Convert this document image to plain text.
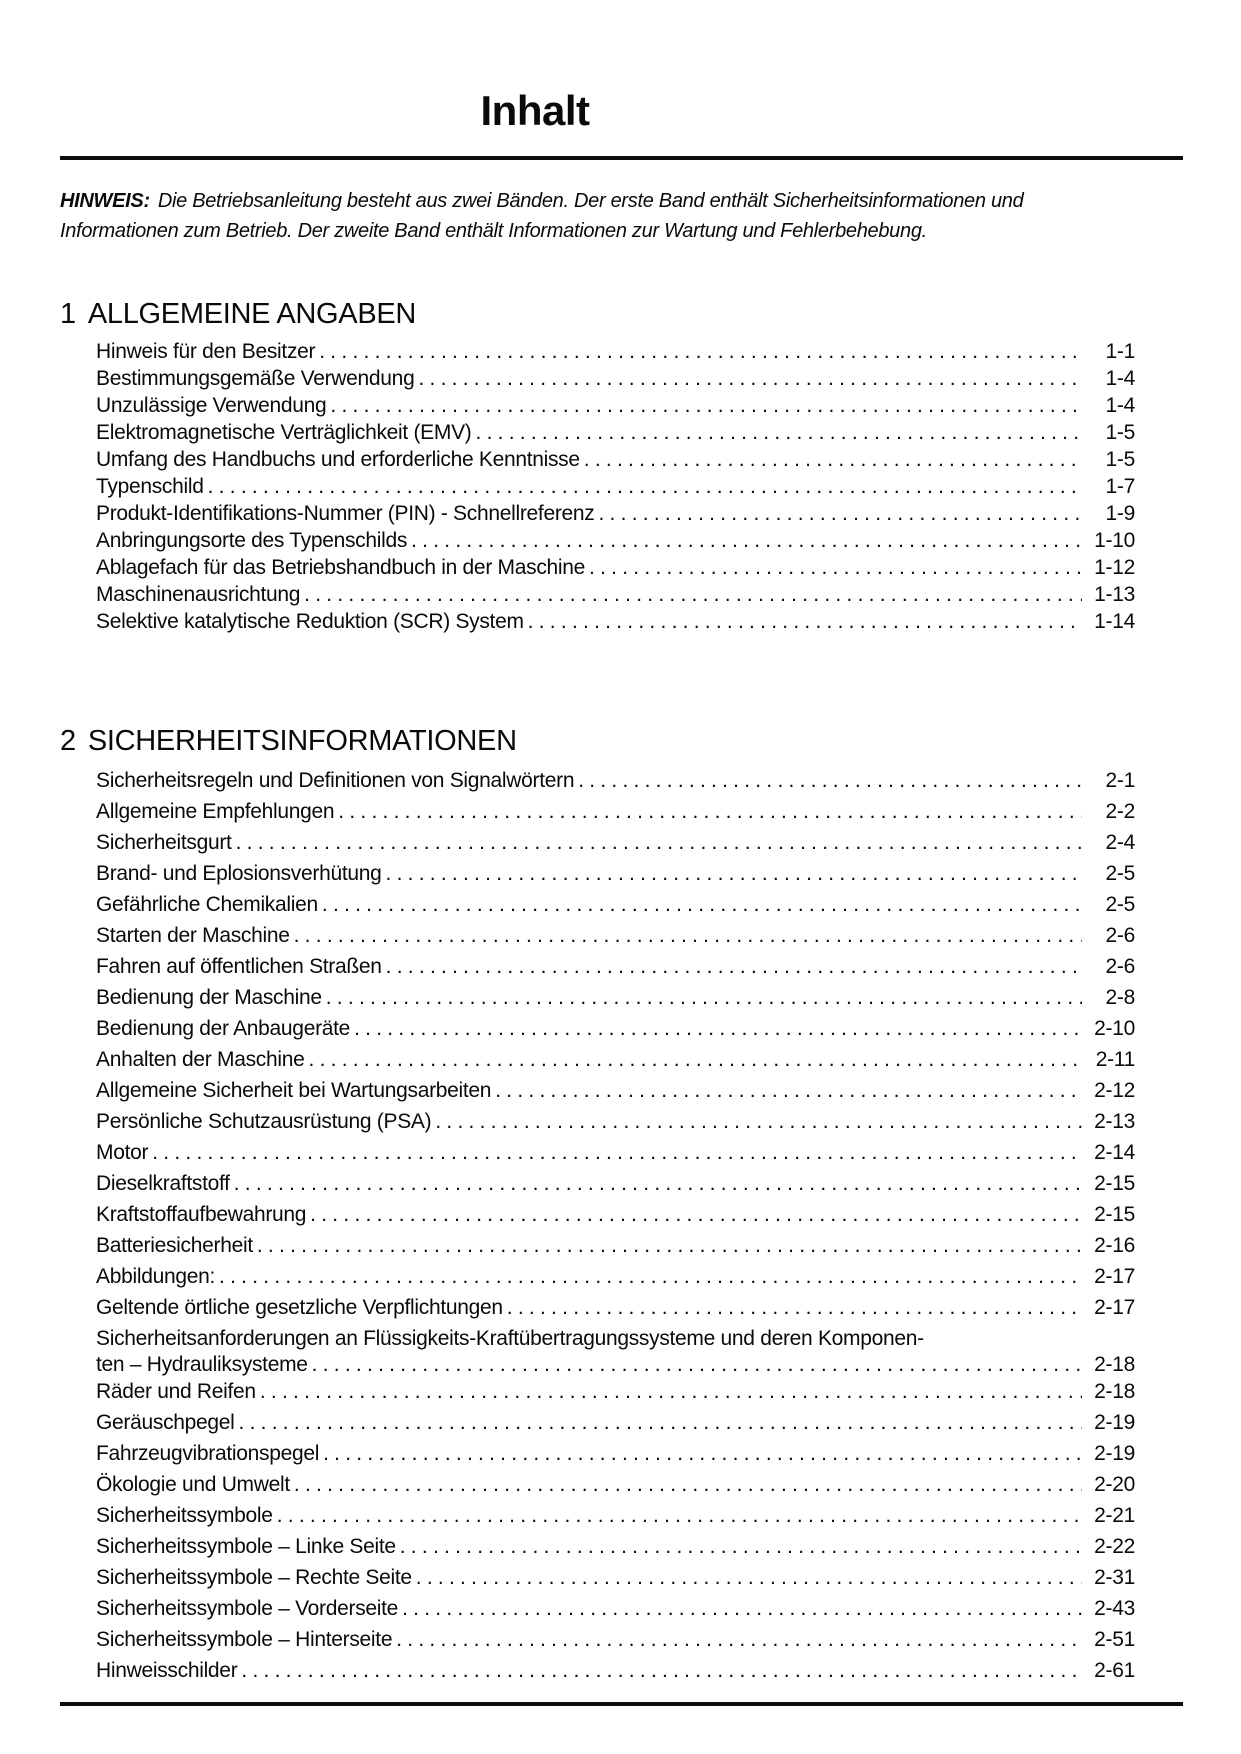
Inhalt

HINWEIS: Die Betriebsanleitung besteht aus zwei Bänden. Der erste Band enthält Sicherheitsinformationen und Informationen zum Betrieb. Der zweite Band enthält Informationen zur Wartung und Fehlerbehebung.

1 ALLGEMEINE ANGABEN
Hinweis für den Besitzer . . .	1-1
Bestimmungsgemäße Verwendung . . .	1-4
Unzulässige Verwendung . . .	1-4
Elektromagnetische Verträglichkeit (EMV) . . .	1-5
Umfang des Handbuchs und erforderliche Kenntnisse . . .	1-5
Typenschild . . .	1-7
Produkt-Identifikations-Nummer (PIN) - Schnellreferenz . . .	1-9
Anbringungsorte des Typenschilds . . .	1-10
Ablagefach für das Betriebshandbuch in der Maschine . . .	1-12
Maschinenausrichtung . . .	1-13
Selektive katalytische Reduktion (SCR) System . . .	1-14
2 SICHERHEITSINFORMATIONEN
Sicherheitsregeln und Definitionen von Signalwörtern . . .	2-1
Allgemeine Empfehlungen . . .	2-2
Sicherheitsgurt . . .	2-4
Brand- und Eplosionsverhütung . . .	2-5
Gefährliche Chemikalien . . .	2-5
Starten der Maschine . . .	2-6
Fahren auf öffentlichen Straßen . . .	2-6
Bedienung der Maschine . . .	2-8
Bedienung der Anbaugeräte . . .	2-10
Anhalten der Maschine . . .	2-11
Allgemeine Sicherheit bei Wartungsarbeiten . . .	2-12
Persönliche Schutzausrüstung (PSA) . . .	2-13
Motor . . .	2-14
Dieselkraftstoff . . .	2-15
Kraftstoffaufbewahrung . . .	2-15
Batteriesicherheit . . .	2-16
Abbildungen: . . .	2-17
Geltende örtliche gesetzliche Verpflichtungen . . .	2-17
Sicherheitsanforderungen an Flüssigkeits-Kraftübertragungssysteme und deren Komponen-
ten – Hydrauliksysteme . . .	2-18
Räder und Reifen . . .	2-18
Geräuschpegel . . .	2-19
Fahrzeugvibrationspegel . . .	2-19
Ökologie und Umwelt . . .	2-20
Sicherheitssymbole . . .	2-21
Sicherheitssymbole – Linke Seite . . .	2-22
Sicherheitssymbole – Rechte Seite . . .	2-31
Sicherheitssymbole – Vorderseite . . .	2-43
Sicherheitssymbole – Hinterseite . . .	2-51
Hinweisschilder . . .	2-61
